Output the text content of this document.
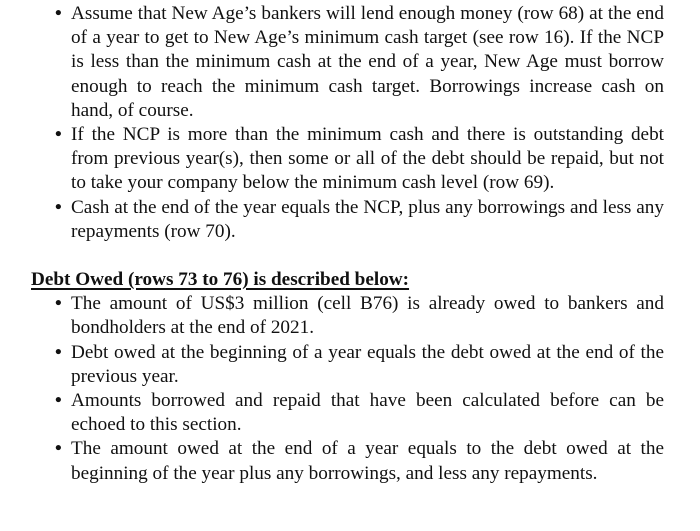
• Assume that New Age’s bankers will lend enough money (row 68) at the end of a year to get to New Age’s minimum cash target (see row 16). If the NCP is less than the minimum cash at the end of a year, New Age must borrow enough to reach the minimum cash target. Borrowings increase cash on hand, of course.
• If the NCP is more than the minimum cash and there is outstanding debt from previous year(s), then some or all of the debt should be repaid, but not to take your company below the minimum cash level (row 69).
• Cash at the end of the year equals the NCP, plus any borrowings and less any repayments (row 70).
Debt Owed (rows 73 to 76) is described below:
• The amount of US$3 million (cell B76) is already owed to bankers and bondholders at the end of 2021.
• Debt owed at the beginning of a year equals the debt owed at the end of the previous year.
• Amounts borrowed and repaid that have been calculated before can be echoed to this section.
• The amount owed at the end of a year equals to the debt owed at the beginning of the year plus any borrowings, and less any repayments.
